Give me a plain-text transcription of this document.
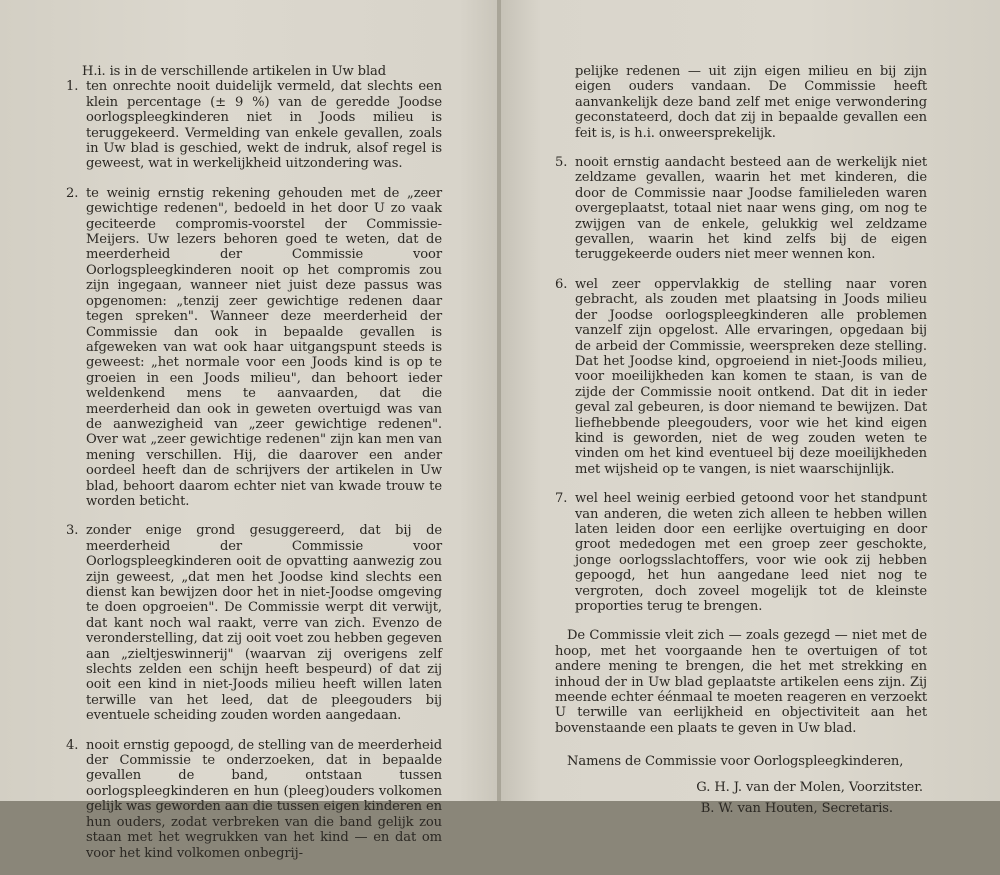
H.i. is in de verschillende artikelen in Uw blad

1. ten onrechte nooit duidelijk vermeld, dat slechts een klein percentage (± 9 %) van de geredde Joodse oorlogspleegkinderen niet in Joods milieu is teruggekeerd. Vermelding van enkele gevallen, zoals in Uw blad is geschied, wekt de indruk, alsof regel is geweest, wat in werkelijkheid uitzondering was.
2. te weinig ernstig rekening gehouden met de „zeer gewichtige redenen", bedoeld in het door U zo vaak geciteerde compromis-voorstel der Commissie-Meijers. Uw lezers behoren goed te weten, dat de meerderheid der Commissie voor Oorlogspleegkinderen nooit op het compromis zou zijn ingegaan, wanneer niet juist deze passus was opgenomen: „tenzij zeer gewichtige redenen daar tegen spreken". Wanneer deze meerderheid der Commissie dan ook in bepaalde gevallen is afgeweken van wat ook haar uitgangspunt steeds is geweest: „het normale voor een Joods kind is op te groeien in een Joods milieu", dan behoort ieder weldenkend mens te aanvaarden, dat die meerderheid dan ook in geweten overtuigd was van de aanwezigheid van „zeer gewichtige redenen". Over wat „zeer gewichtige redenen" zijn kan men van mening verschillen. Hij, die daarover een ander oordeel heeft dan de schrijvers der artikelen in Uw blad, behoort daarom echter niet van kwade trouw te worden beticht.
3. zonder enige grond gesuggereerd, dat bij de meerderheid der Commissie voor Oorlogspleegkinderen ooit de opvatting aanwezig zou zijn geweest, „dat men het Joodse kind slechts een dienst kan bewijzen door het in niet-Joodse omgeving te doen opgroeien". De Commissie werpt dit verwijt, dat kant noch wal raakt, verre van zich. Evenzo de veronderstelling, dat zij ooit voet zou hebben gegeven aan „zieltjeswinnerij" (waarvan zij overigens zelf slechts zelden een schijn heeft bespeurd) of dat zij ooit een kind in niet-Joods milieu heeft willen laten terwille van het leed, dat de pleegouders bij eventuele scheiding zouden worden aangedaan.
4. nooit ernstig gepoogd, de stelling van de meerderheid der Commissie te onderzoeken, dat in bepaalde gevallen de band, ontstaan tussen oorlogspleegkinderen en hun (pleeg)ouders volkomen gelijk was geworden aan die tussen eigen kinderen en hun ouders, zodat verbreken van die band gelijk zou staan met het wegrukken van het kind — en dat om voor het kind volkomen onbegrij-

pelijke redenen — uit zijn eigen milieu en bij zijn eigen ouders vandaan. De Commissie heeft aanvankelijk deze band zelf met enige verwondering geconstateerd, doch dat zij in bepaalde gevallen een feit is, is h.i. onweersprekelijk.

5. nooit ernstig aandacht besteed aan de werkelijk niet zeldzame gevallen, waarin het met kinderen, die door de Commissie naar Joodse familieleden waren overgeplaatst, totaal niet naar wens ging, om nog te zwijgen van de enkele, gelukkig wel zeldzame gevallen, waarin het kind zelfs bij de eigen teruggekeerde ouders niet meer wennen kon.
6. wel zeer oppervlakkig de stelling naar voren gebracht, als zouden met plaatsing in Joods milieu der Joodse oorlogspleegkinderen alle problemen vanzelf zijn opgelost. Alle ervaringen, opgedaan bij de arbeid der Commissie, weerspreken deze stelling. Dat het Joodse kind, opgroeiend in niet-Joods milieu, voor moeilijkheden kan komen te staan, is van de zijde der Commissie nooit ontkend. Dat dit in ieder geval zal gebeuren, is door niemand te bewijzen. Dat liefhebbende pleegouders, voor wie het kind eigen kind is geworden, niet de weg zouden weten te vinden om het kind eventueel bij deze moeilijkheden met wijsheid op te vangen, is niet waarschijnlijk.
7. wel heel weinig eerbied getoond voor het standpunt van anderen, die weten zich alleen te hebben willen laten leiden door een eerlijke overtuiging en door groot mededogen met een groep zeer geschokte, jonge oorlogsslachtoffers, voor wie ook zij hebben gepoogd, het hun aangedane leed niet nog te vergroten, doch zoveel mogelijk tot de kleinste proporties terug te brengen.

De Commissie vleit zich — zoals gezegd — niet met de hoop, met het voorgaande hen te overtuigen of tot andere mening te brengen, die het met strekking en inhoud der in Uw blad geplaatste artikelen eens zijn. Zij meende echter éénmaal te moeten reageren en verzoekt U terwille van eerlijkheid en objectiviteit aan het bovenstaande een plaats te geven in Uw blad.

Namens de Commissie voor Oorlogspleegkinderen,

G. H. J. van der Molen, Voorzitster.

B. W. van Houten, Secretaris.
